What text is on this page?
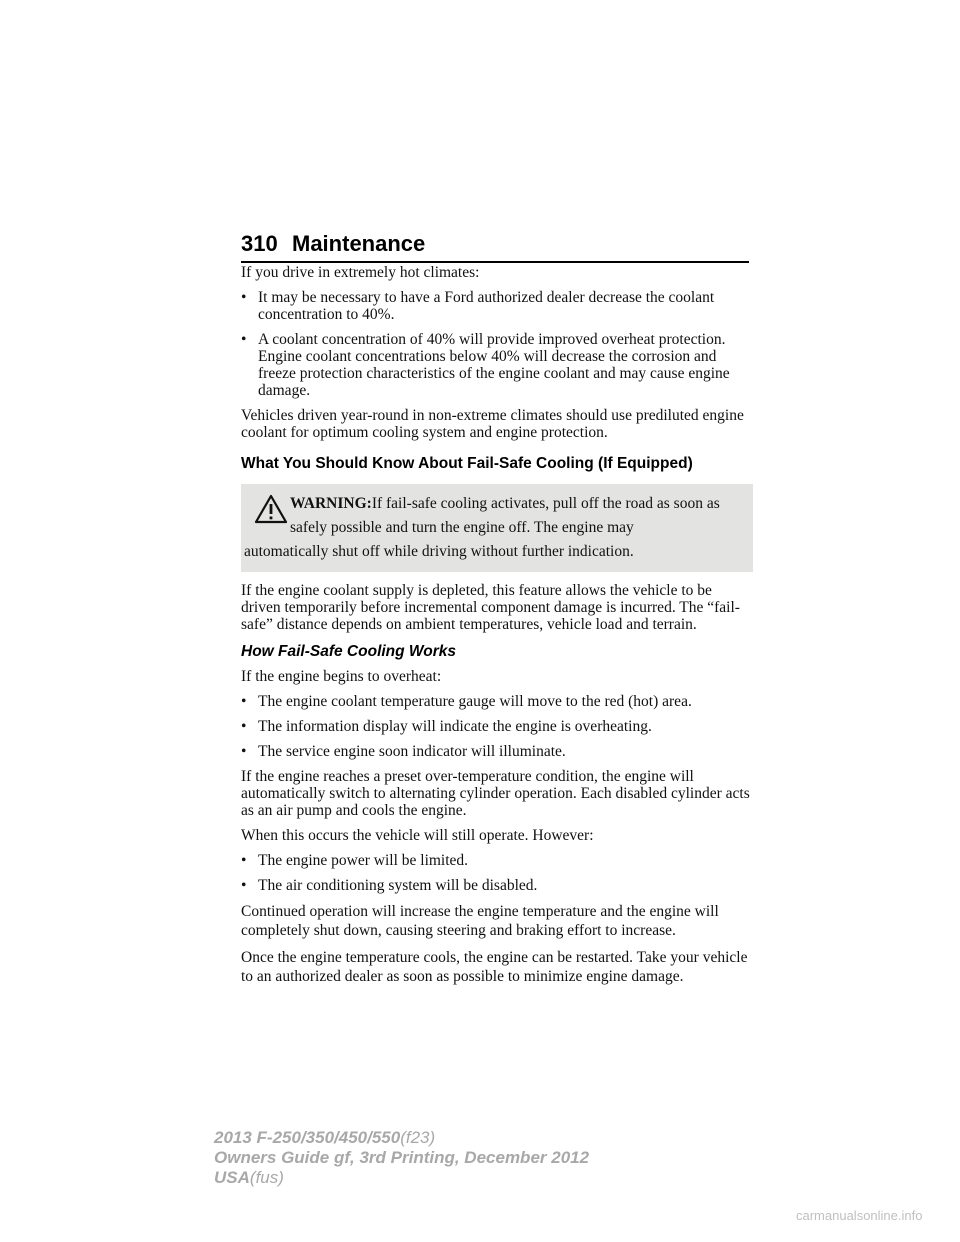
310 Maintenance

If you drive in extremely hot climates:

• It may be necessary to have a Ford authorized dealer decrease the coolant concentration to 40%.
• A coolant concentration of 40% will provide improved overheat protection. Engine coolant concentrations below 40% will decrease the corrosion and freeze protection characteristics of the engine coolant and may cause engine damage.

Vehicles driven year-round in non-extreme climates should use prediluted engine coolant for optimum cooling system and engine protection.

What You Should Know About Fail-Safe Cooling (If Equipped)
WARNING:If fail-safe cooling activates, pull off the road as soon as safely possible and turn the engine off. The engine may
automatically shut off while driving without further indication.

If the engine coolant supply is depleted, this feature allows the vehicle to be driven temporarily before incremental component damage is incurred. The “fail-safe” distance depends on ambient temperatures, vehicle load and terrain.

How Fail-Safe Cooling Works

If the engine begins to overheat:

• The engine coolant temperature gauge will move to the red (hot) area.
• The information display will indicate the engine is overheating.
• The service engine soon indicator will illuminate.

If the engine reaches a preset over-temperature condition, the engine will automatically switch to alternating cylinder operation. Each disabled cylinder acts as an air pump and cools the engine.

When this occurs the vehicle will still operate. However:

• The engine power will be limited.
• The air conditioning system will be disabled.

Continued operation will increase the engine temperature and the engine will completely shut down, causing steering and braking effort to increase.

Once the engine temperature cools, the engine can be restarted. Take your vehicle to an authorized dealer as soon as possible to minimize engine damage.

2013 F-250/350/450/550(f23)
Owners Guide gf, 3rd Printing, December 2012
USA(fus)
carmanualsonline.info
